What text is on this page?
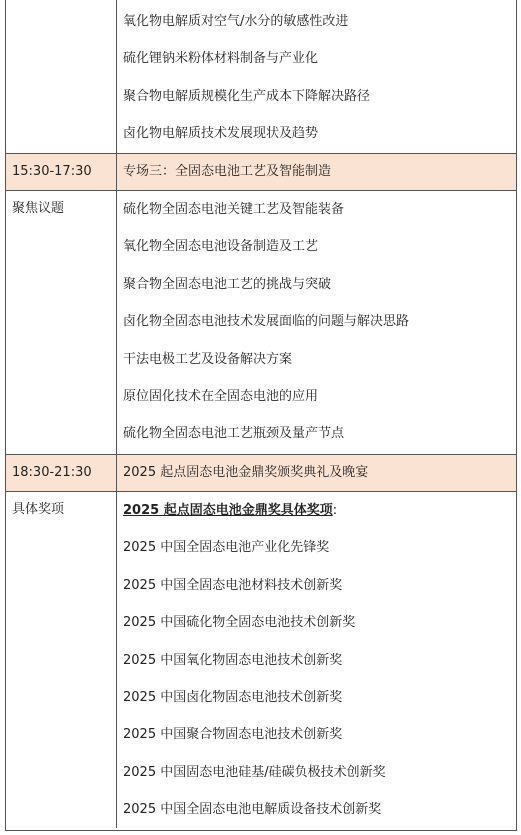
氧化物电解质对空气/水分的敏感性改进
硫化锂钠米粉体材料制备与产业化
聚合物电解质规模化生产成本下降解决路径
卤化物电解质技术发展现状及趋势
15:30-17:30	专场三：全固态电池工艺及智能制造
聚焦议题	硫化物全固态电池关键工艺及智能装备
氧化物全固态电池设备制造及工艺
聚合物全固态电池工艺的挑战与突破
卤化物全固态电池技术发展面临的问题与解决思路
干法电极工艺及设备解决方案
原位固化技术在全固态电池的应用
硫化物全固态电池工艺瓶颈及量产节点
18:30-21:30	2025 起点固态电池金鼎奖颁奖典礼及晚宴
具体奖项	2025 起点固态电池金鼎奖具体奖项:
2025 中国全固态电池产业化先锋奖
2025 中国全固态电池材料技术创新奖
2025 中国硫化物全固态电池技术创新奖
2025 中国氧化物固态电池技术创新奖
2025 中国卤化物固态电池技术创新奖
2025 中国聚合物固态电池技术创新奖
2025 中国固态电池硅基/硅碳负极技术创新奖
2025 中国全固态电池电解质设备技术创新奖
